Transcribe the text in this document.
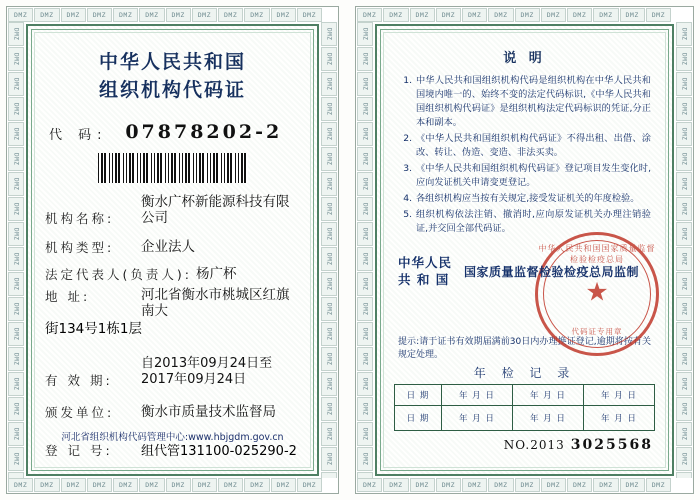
DMZ	DMZ	DMZ	DMZ	DMZ	DMZ	DMZ	DMZ	DMZ	DMZ	DMZ	DMZ
DMZ	DMZ	DMZ	DMZ	DMZ	DMZ	DMZ	DMZ	DMZ	DMZ	DMZ	DMZ
DMZ
DMZ
DMZ
DMZ
DMZ
DMZ
DMZ
DMZ
DMZ
DMZ
DMZ
DMZ
DMZ
DMZ
DMZ
DMZ
DMZ
DMZ
DMZ
DMZ
DMZ
DMZ
DMZ
DMZ
DMZ
DMZ
DMZ
DMZ
DMZ
DMZ
DMZ
DMZ
DMZ
DMZ
DMZ
DMZ
中华人民共和国
组织机构代码证
代 码: 07878202-2
机构名称:
衡水广杯新能源科技有限公司
机构类型:	企业法人
法定代表人(负责人): 杨广杯
地 址:	河北省衡水市桃城区红旗南大
街134号1栋1层
有 效 期:
自2013年09月24日至2017年09月24日
颁发单位:	衡水市质量技术监督局
河北省组织机构代码管理中心:www.hbjgdm.gov.cn
登 记 号:	组代管131100-025290-2
DMZ	DMZ	DMZ	DMZ	DMZ	DMZ	DMZ	DMZ	DMZ	DMZ	DMZ	DMZ
DMZ	DMZ	DMZ	DMZ	DMZ	DMZ	DMZ	DMZ	DMZ	DMZ	DMZ	DMZ
DMZ
DMZ
DMZ
DMZ
DMZ
DMZ
DMZ
DMZ
DMZ
DMZ
DMZ
DMZ
DMZ
DMZ
DMZ
DMZ
DMZ
DMZ
DMZ
DMZ
DMZ
DMZ
DMZ
DMZ
DMZ
DMZ
DMZ
DMZ
DMZ
DMZ
DMZ
DMZ
DMZ
DMZ
DMZ
DMZ
说 明
1. 中华人民共和国组织机构代码是组织机构在中华人民共和国境内唯一的、始终不变的法定代码标识,《中华人民共和国组织机构代码证》是组织机构法定代码标识的凭证,分正本和副本。
2. 《中华人民共和国组织机构代码证》不得出租、出借、涂改、转让、伪造、变造、非法买卖。
3. 《中华人民共和国组织机构代码证》登记项目发生变化时,应向发证机关申请变更登记。
4. 各组织机构应当按有关规定,接受发证机关的年度检验。
5. 组织机构依法注销、撤消时,应向原发证机关办理注销验证,并交回全部代码证。
中华人民共和国国家质量监督检验检疫总局
★
代码证专用章
中华人民
共 和 国
国家质量监督检验检疫总局监制
提示:请于证书有效期届满前30日内办理换证登记,逾期将按有关规定处理。
年 检 记 录
日 期	年 月 日	年 月 日	年 月 日
日 期	年 月 日	年 月 日	年 月 日
NO.2013 3025568
